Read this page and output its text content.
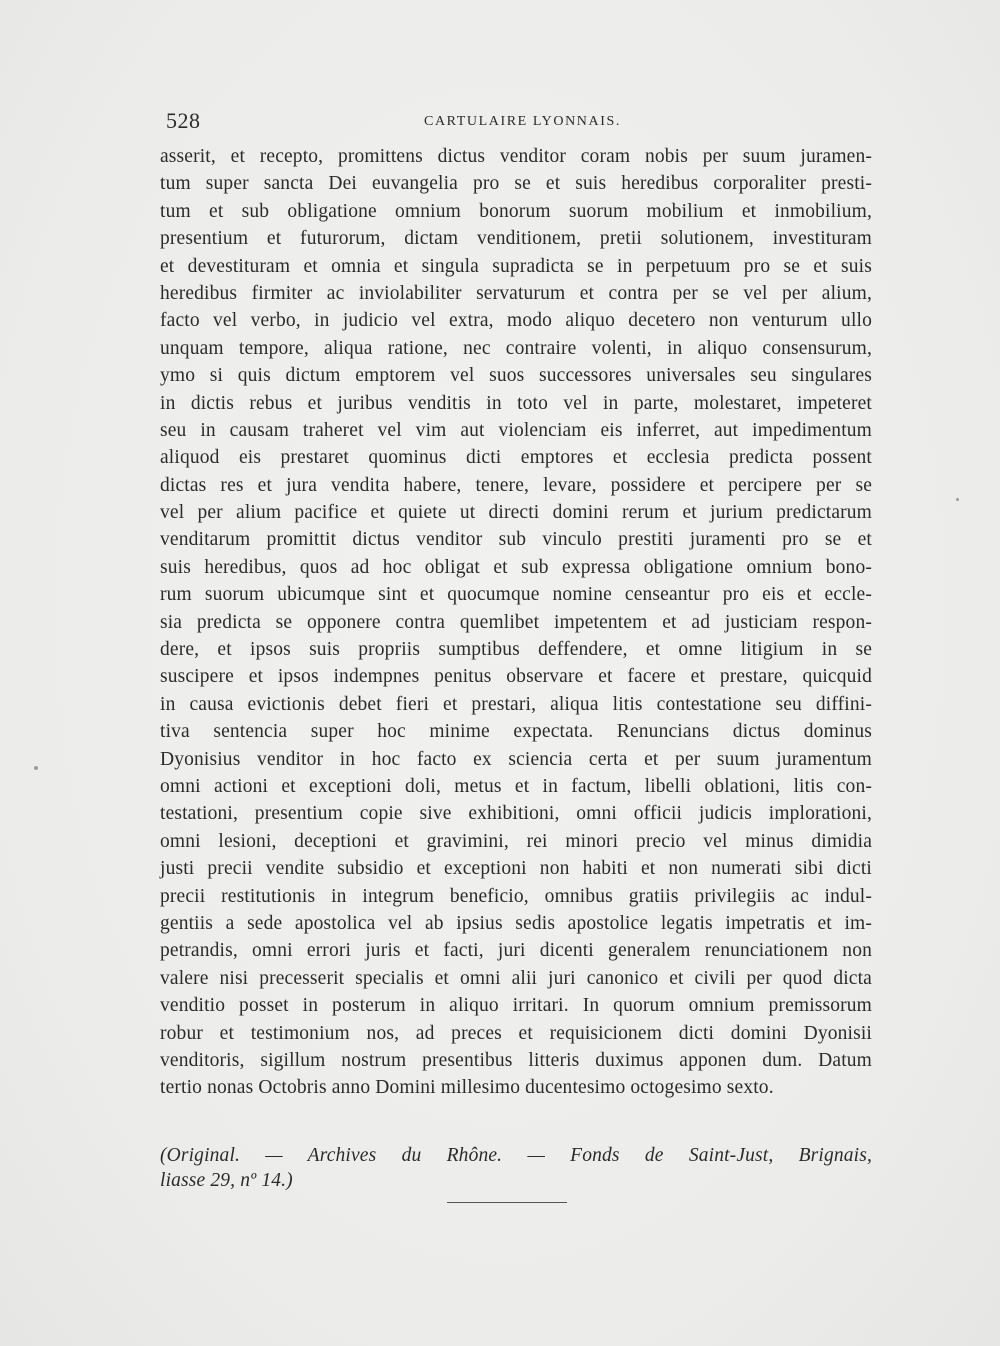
528	CARTULAIRE LYONNAIS.
asserit, et recepto, promittens dictus venditor coram nobis per suum juramen-
tum super sancta Dei euvangelia pro se et suis heredibus corporaliter presti-
tum et sub obligatione omnium bonorum suorum mobilium et inmobilium,
presentium et futurorum, dictam venditionem, pretii solutionem, investituram
et devestituram et omnia et singula supradicta se in perpetuum pro se et suis
heredibus firmiter ac inviolabiliter servaturum et contra per se vel per alium,
facto vel verbo, in judicio vel extra, modo aliquo decetero non venturum ullo
unquam tempore, aliqua ratione, nec contraire volenti, in aliquo consensurum,
ymo si quis dictum emptorem vel suos successores universales seu singulares
in dictis rebus et juribus venditis in toto vel in parte, molestaret, impeteret
seu in causam traheret vel vim aut violenciam eis inferret, aut impedimentum
aliquod eis prestaret quominus dicti emptores et ecclesia predicta possent
dictas res et jura vendita habere, tenere, levare, possidere et percipere per se
vel per alium pacifice et quiete ut directi domini rerum et jurium predictarum
venditarum promittit dictus venditor sub vinculo prestiti juramenti pro se et
suis heredibus, quos ad hoc obligat et sub expressa obligatione omnium bono-
rum suorum ubicumque sint et quocumque nomine censeantur pro eis et eccle-
sia predicta se opponere contra quemlibet impetentem et ad justiciam respon-
dere, et ipsos suis propriis sumptibus deffendere, et omne litigium in se
suscipere et ipsos indempnes penitus observare et facere et prestare, quicquid
in causa evictionis debet fieri et prestari, aliqua litis contestatione seu diffini-
tiva sentencia super hoc minime expectata. Renuncians dictus dominus
Dyonisius venditor in hoc facto ex sciencia certa et per suum juramentum
omni actioni et exceptioni doli, metus et in factum, libelli oblationi, litis con-
testationi, presentium copie sive exhibitioni, omni officii judicis implorationi,
omni lesioni, deceptioni et gravimini, rei minori precio vel minus dimidia
justi precii vendite subsidio et exceptioni non habiti et non numerati sibi dicti
precii restitutionis in integrum beneficio, omnibus gratiis privilegiis ac indul-
gentiis a sede apostolica vel ab ipsius sedis apostolice legatis impetratis et im-
petrandis, omni errori juris et facti, juri dicenti generalem renunciationem non
valere nisi precesserit specialis et omni alii juri canonico et civili per quod dicta
venditio posset in posterum in aliquo irritari. In quorum omnium premissorum
robur et testimonium nos, ad preces et requisicionem dicti domini Dyonisii
venditoris, sigillum nostrum presentibus litteris duximus apponen dum. Datum
tertio nonas Octobris anno Domini millesimo ducentesimo octogesimo sexto.
(Original. — Archives du Rhône. — Fonds de Saint-Just, Brignais,
liasse 29, nº 14.)
